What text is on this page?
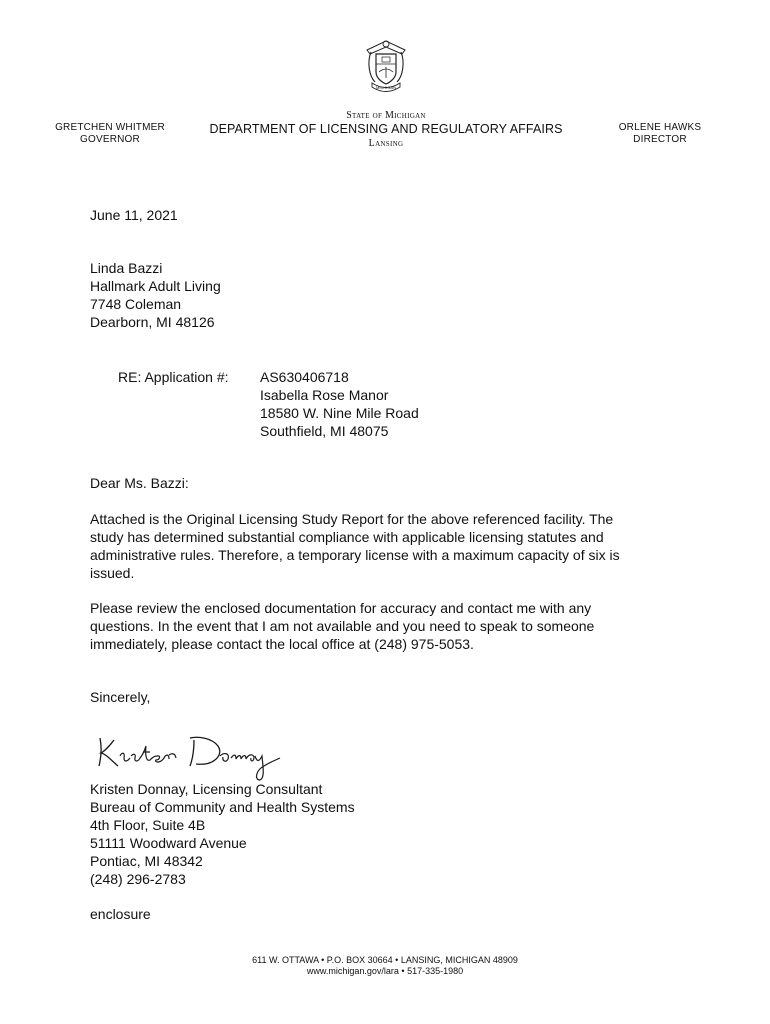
MICHIGAN
GRETCHEN WHITMER
GOVERNOR
State of Michigan
DEPARTMENT OF LICENSING AND REGULATORY AFFAIRS
Lansing
ORLENE HAWKS
DIRECTOR
June 11, 2021
Linda Bazzi
Hallmark Adult Living
7748 Coleman
Dearborn, MI 48126
RE: Application #: AS630406718
Isabella Rose Manor
18580 W. Nine Mile Road
Southfield, MI 48075
Dear Ms. Bazzi:
Attached is the Original Licensing Study Report for the above referenced facility. The
study has determined substantial compliance with applicable licensing statutes and
administrative rules. Therefore, a temporary license with a maximum capacity of six is
issued.
Please review the enclosed documentation for accuracy and contact me with any
questions. In the event that I am not available and you need to speak to someone
immediately, please contact the local office at (248) 975-5053.
Sincerely,
Kristen Donnay
Kristen Donnay, Licensing Consultant
Bureau of Community and Health Systems
4th Floor, Suite 4B
51111 Woodward Avenue
Pontiac, MI 48342
(248) 296-2783
enclosure
611 W. OTTAWA • P.O. BOX 30664 • LANSING, MICHIGAN 48909
www.michigan.gov/lara • 517-335-1980
